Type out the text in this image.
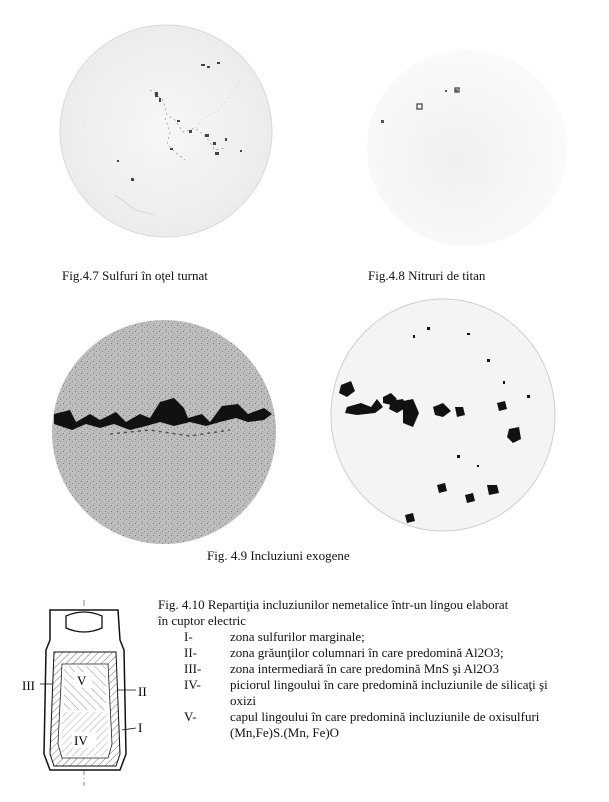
Fig.4.7 Sulfuri în oţel turnat	Fig.4.8 Nitruri de titan
Fig. 4.9 Incluziuni exogene
III	V
II
I
IV
Fig. 4.10 Repartiţia incluziunilor nemetalice într-un lingou elaborat
în cuptor electric
I-	zona sulfurilor marginale;
II-	zona grăunţilor columnari în care predomină Al2O3;
III- zona intermediară în care predomină MnS şi Al2O3
IV- piciorul lingoului în care predomină incluziunile de silicaţi şi oxizi
V-	capul lingoului în care predomină incluziunile de oxisulfuri (Mn,Fe)S.(Mn, Fe)O
